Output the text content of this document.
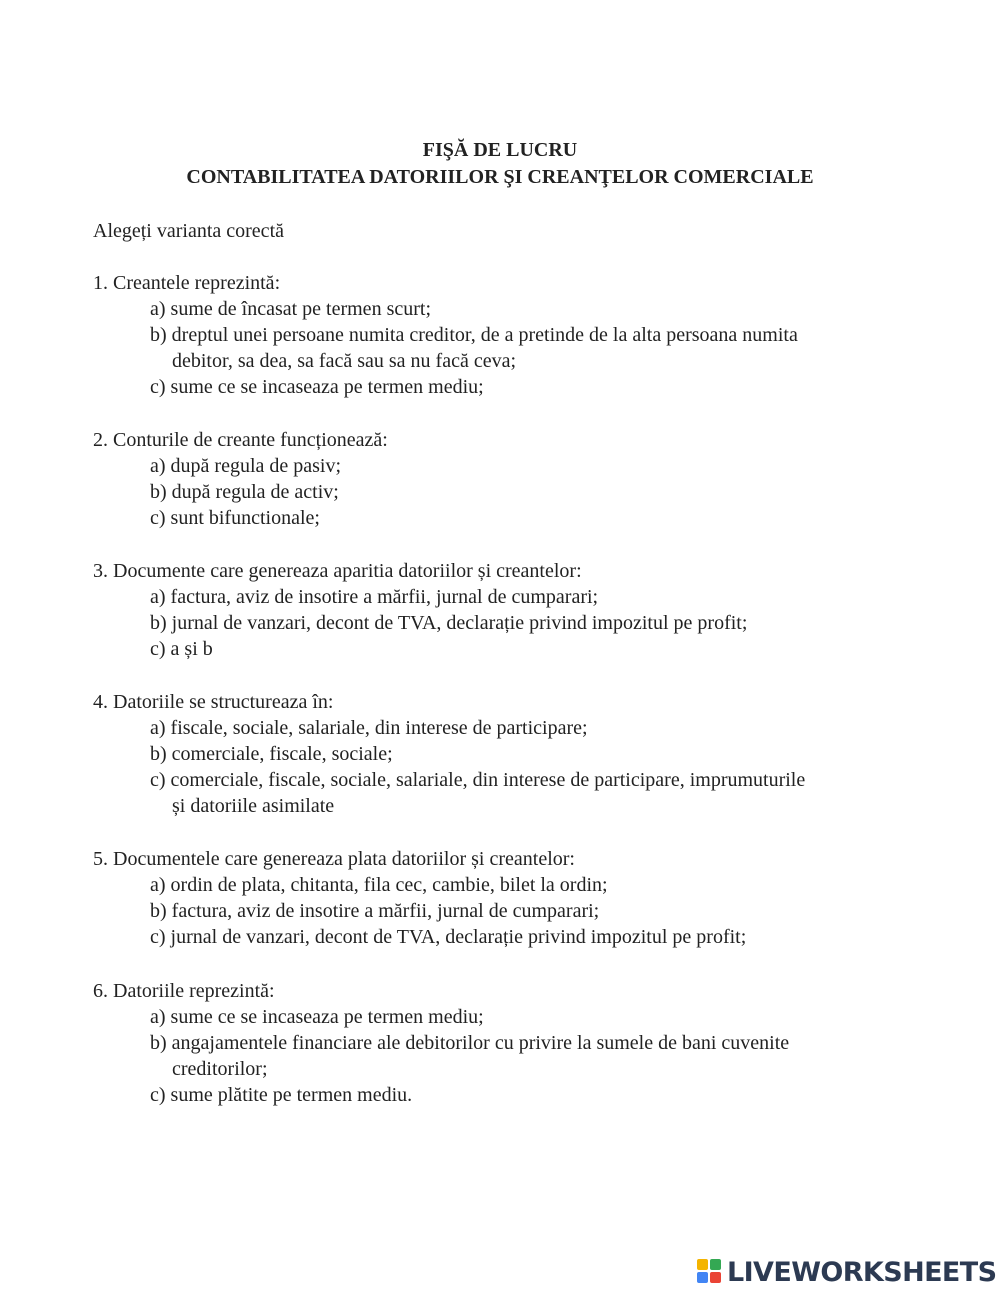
FIŞĂ DE LUCRU
CONTABILITATEA DATORIILOR ŞI CREANŢELOR COMERCIALE

Alegeți varianta corectă

1. Creantele reprezintă:
a) sume de încasat pe termen scurt;
b) dreptul unei persoane numita creditor, de a pretinde de la alta persoana numita
debitor, sa dea, sa facă sau sa nu facă ceva;
c) sume ce se incaseaza pe termen mediu;
2. Conturile de creante funcționează:
a) după regula de pasiv;
b) după regula de activ;
c) sunt bifunctionale;
3. Documente care genereaza aparitia datoriilor și creantelor:
a) factura, aviz de insotire a mărfii, jurnal de cumparari;
b) jurnal de vanzari, decont de TVA, declarație privind impozitul pe profit;
c) a și b
4. Datoriile se structureaza în:
a) fiscale, sociale, salariale, din interese de participare;
b) comerciale, fiscale, sociale;
c) comerciale, fiscale, sociale, salariale, din interese de participare, imprumuturile
și datoriile asimilate
5. Documentele care genereaza plata datoriilor și creantelor:
a) ordin de plata, chitanta, fila cec, cambie, bilet la ordin;
b) factura, aviz de insotire a mărfii, jurnal de cumparari;
c) jurnal de vanzari, decont de TVA, declarație privind impozitul pe profit;
6. Datoriile reprezintă:
a) sume ce se incaseaza pe termen mediu;
b) angajamentele financiare ale debitorilor cu privire la sumele de bani cuvenite
creditorilor;
c) sume plătite pe termen mediu.
LIVEWORKSHEETS
